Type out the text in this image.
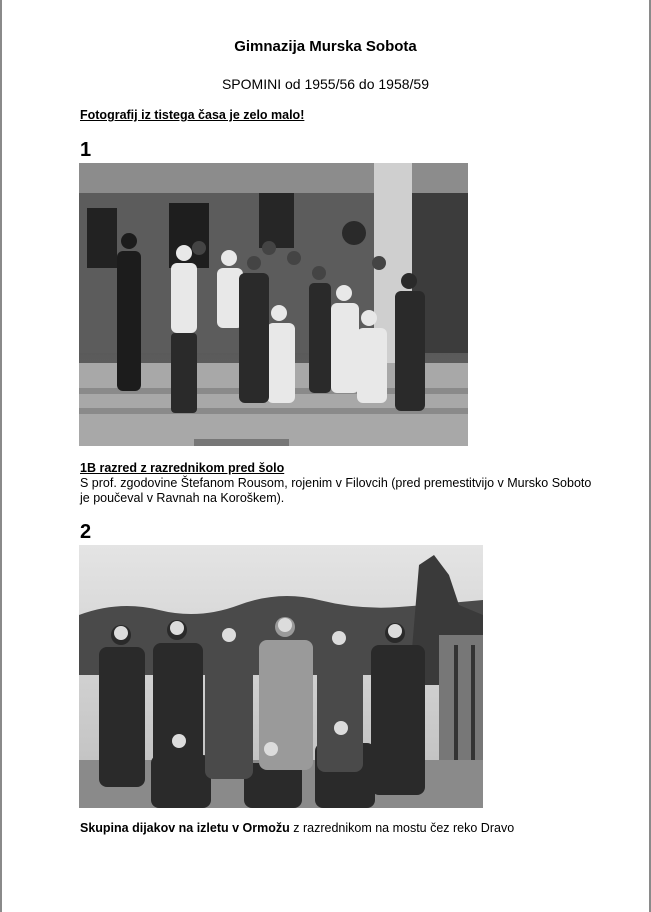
Gimnazija Murska Sobota
SPOMINI od 1955/56 do 1958/59
Fotografij iz tistega časa je zelo malo!
1
1B razred z razrednikom pred šolo
S prof. zgodovine Štefanom Rousom, rojenim v Filovcih (pred premestitvijo v Mursko Soboto je poučeval v Ravnah na Koroškem).
2
Skupina dijakov na izletu v Ormožu z razrednikom na mostu čez reko Dravo
